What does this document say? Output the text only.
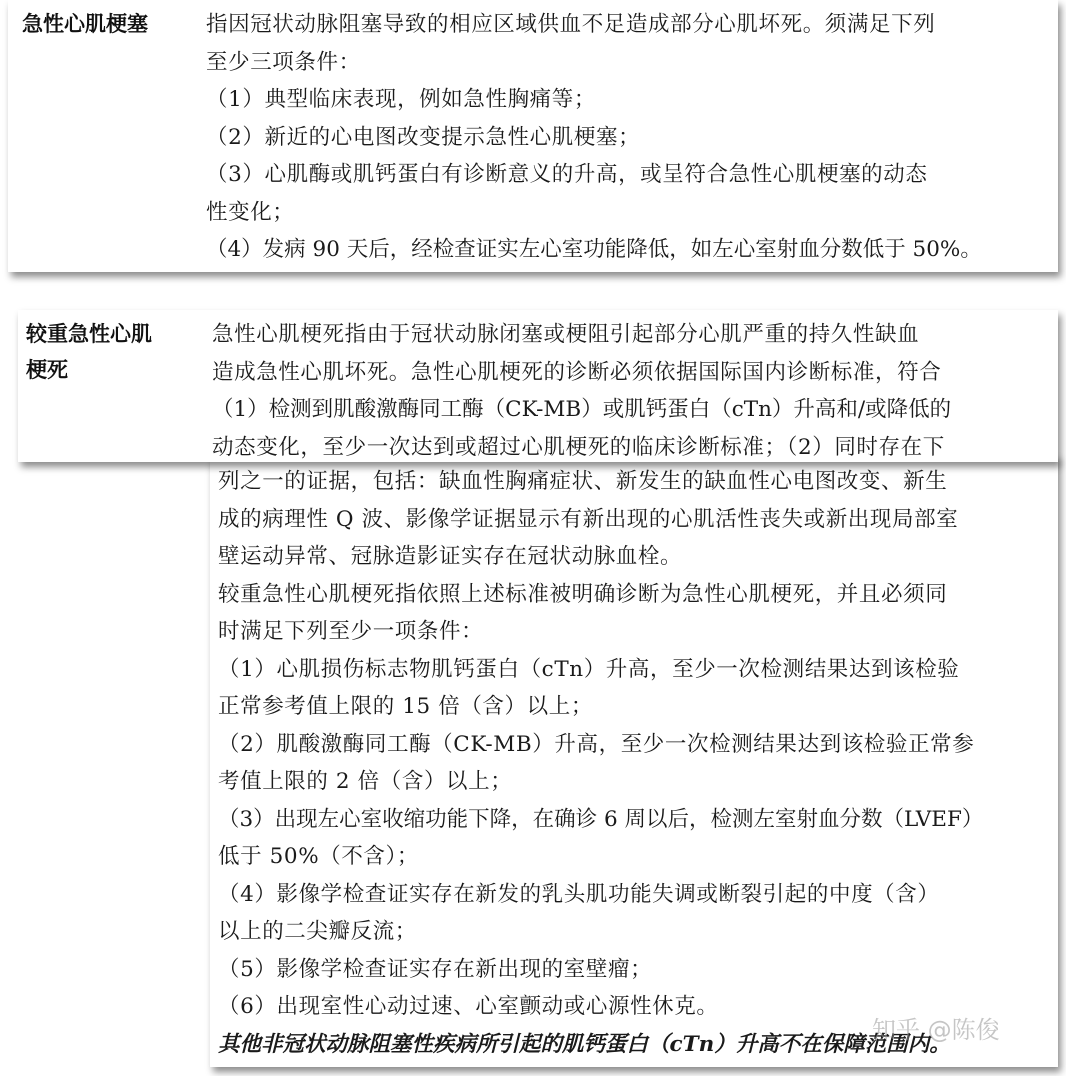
急性心肌梗塞	指因冠状动脉阻塞导致的相应区域供血不足造成部分心肌坏死。须满足下列
至少三项条件：
（1）典型临床表现，例如急性胸痛等；
（2）新近的心电图改变提示急性心肌梗塞；
（3）心肌酶或肌钙蛋白有诊断意义的升高，或呈符合急性心肌梗塞的动态
性变化；
（4）发病 90 天后，经检查证实左心室功能降低，如左心室射血分数低于 50%。
列之一的证据，包括：缺血性胸痛症状、新发生的缺血性心电图改变、新生
成的病理性 Q 波、影像学证据显示有新出现的心肌活性丧失或新出现局部室
壁运动异常、冠脉造影证实存在冠状动脉血栓。
较重急性心肌梗死指依照上述标准被明确诊断为急性心肌梗死，并且必须同
时满足下列至少一项条件：
（1）心肌损伤标志物肌钙蛋白（cTn）升高，至少一次检测结果达到该检验
正常参考值上限的 15 倍（含）以上；
（2）肌酸激酶同工酶（CK-MB）升高，至少一次检测结果达到该检验正常参
考值上限的 2 倍（含）以上；
（3）出现左心室收缩功能下降，在确诊 6 周以后，检测左室射血分数（LVEF）
低于 50%（不含）；
（4）影像学检查证实存在新发的乳头肌功能失调或断裂引起的中度（含）
以上的二尖瓣反流；
（5）影像学检查证实存在新出现的室壁瘤；
（6）出现室性心动过速、心室颤动或心源性休克。
其他非冠状动脉阻塞性疾病所引起的肌钙蛋白（cTn）升高不在保障范围内。
较重急性心肌
梗死
急性心肌梗死指由于冠状动脉闭塞或梗阻引起部分心肌严重的持久性缺血
造成急性心肌坏死。急性心肌梗死的诊断必须依据国际国内诊断标准，符合
（1）检测到肌酸激酶同工酶（CK-MB）或肌钙蛋白（cTn）升高和/或降低的
动态变化，至少一次达到或超过心肌梗死的临床诊断标准；（2）同时存在下
知乎 @陈俊
